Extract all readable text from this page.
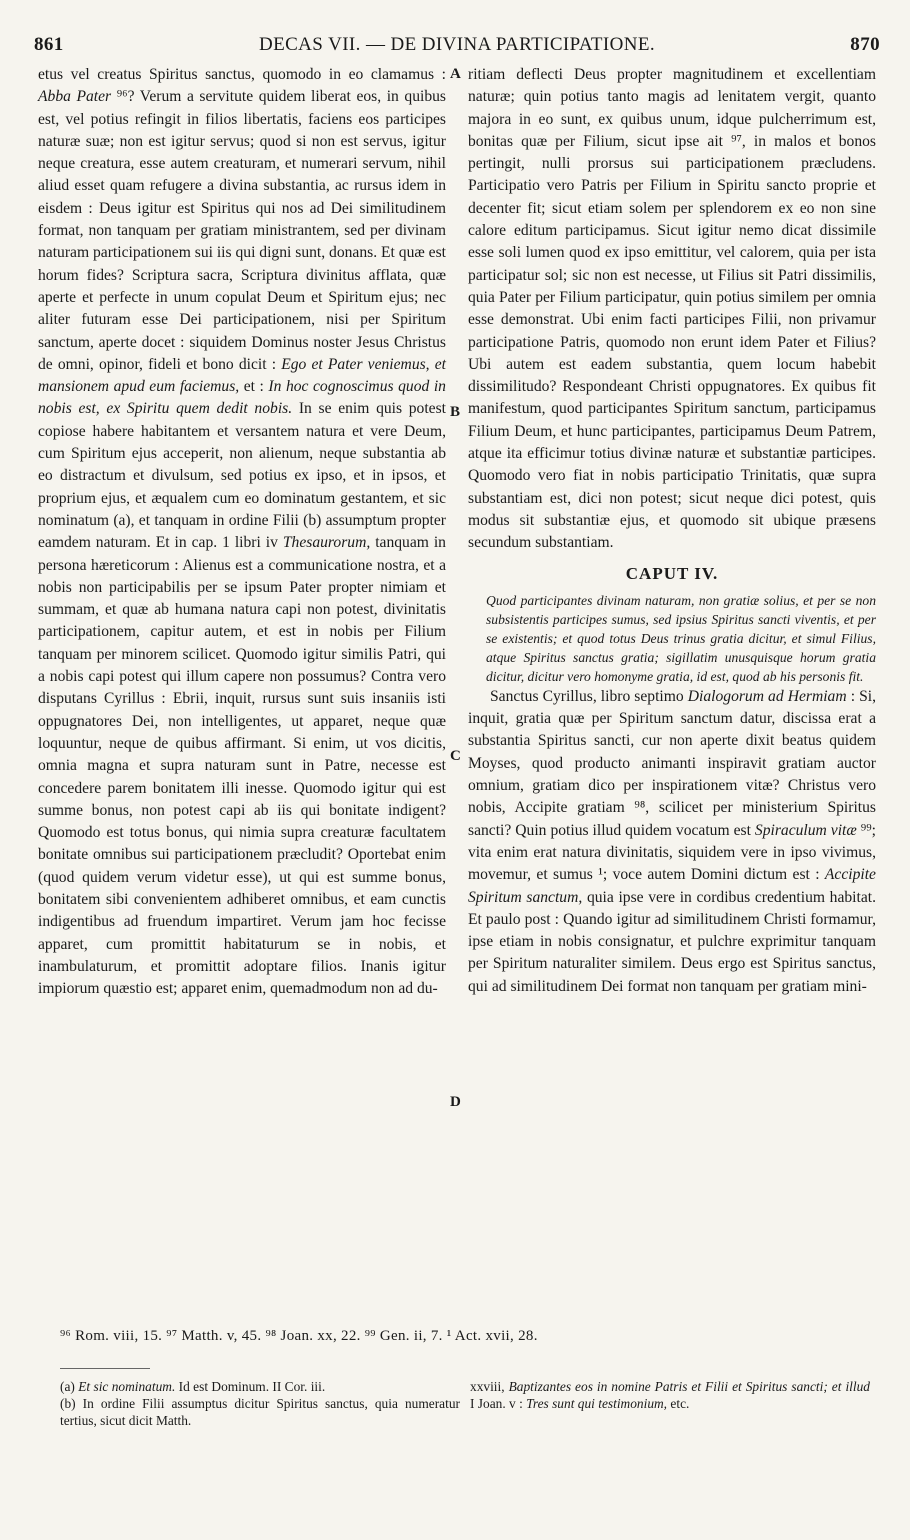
861	DECAS VII. — DE DIVINA PARTICIPATIONE.	870
A
B
C
D

etus vel creatus Spiritus sanctus, quomodo in eo clamamus : Abba Pater ⁹⁶? Verum a servitute quidem liberat eos, in quibus est, vel potius refingit in filios libertatis, faciens eos participes naturæ suæ; non est igitur servus; quod si non est servus, igitur neque creatura, esse autem creaturam, et numerari servum, nihil aliud esset quam refugere a divina substantia, ac rursus idem in eisdem : Deus igitur est Spiritus qui nos ad Dei similitudinem format, non tanquam per gratiam ministrantem, sed per divinam naturam participationem sui iis qui digni sunt, donans. Et quæ est horum fides? Scriptura sacra, Scriptura divinitus afflata, quæ aperte et perfecte in unum copulat Deum et Spiritum ejus; nec aliter futuram esse Dei participationem, nisi per Spiritum sanctum, aperte docet : siquidem Dominus noster Jesus Christus de omni, opinor, fideli et bono dicit : Ego et Pater veniemus, et mansionem apud eum faciemus, et : In hoc cognoscimus quod in nobis est, ex Spiritu quem dedit nobis. In se enim quis potest copiose habere habitantem et versantem natura et vere Deum, cum Spiritum ejus acceperit, non alienum, neque substantia ab eo distractum et divulsum, sed potius ex ipso, et in ipsos, et proprium ejus, et æqualem cum eo dominatum gestantem, et sic nominatum (a), et tanquam in ordine Filii (b) assumptum propter eamdem naturam. Et in cap. 1 libri iv Thesaurorum, tanquam in persona hæreticorum : Alienus est a communicatione nostra, et a nobis non participabilis per se ipsum Pater propter nimiam et summam, et quæ ab humana natura capi non potest, divinitatis participationem, capitur autem, et est in nobis per Filium tanquam per minorem scilicet. Quomodo igitur similis Patri, qui a nobis capi potest qui illum capere non possumus? Contra vero disputans Cyrillus : Ebrii, inquit, rursus sunt suis insaniis isti oppugnatores Dei, non intelligentes, ut apparet, neque quæ loquuntur, neque de quibus affirmant. Si enim, ut vos dicitis, omnia magna et supra naturam sunt in Patre, necesse est concedere parem bonitatem illi inesse. Quomodo igitur qui est summe bonus, non potest capi ab iis qui bonitate indigent? Quomodo est totus bonus, qui nimia supra creaturæ facultatem bonitate omnibus sui participationem præcludit? Oportebat enim (quod quidem verum videtur esse), ut qui est summe bonus, bonitatem sibi convenientem adhiberet omnibus, et eam cunctis indigentibus ad fruendum impartiret. Verum jam hoc fecisse apparet, cum promittit habitaturum se in nobis, et inambulaturum, et promittit adoptare filios. Inanis igitur impiorum quæstio est; apparet enim, quemadmodum non ad du-

ritiam deflecti Deus propter magnitudinem et excellentiam naturæ; quin potius tanto magis ad lenitatem vergit, quanto majora in eo sunt, ex quibus unum, idque pulcherrimum est, bonitas quæ per Filium, sicut ipse ait ⁹⁷, in malos et bonos pertingit, nulli prorsus sui participationem præcludens. Participatio vero Patris per Filium in Spiritu sancto proprie et decenter fit; sicut etiam solem per splendorem ex eo non sine calore editum participamus. Sicut igitur nemo dicat dissimile esse soli lumen quod ex ipso emittitur, vel calorem, quia per ista participatur sol; sic non est necesse, ut Filius sit Patri dissimilis, quia Pater per Filium participatur, quin potius similem per omnia esse demonstrat. Ubi enim facti participes Filii, non privamur participatione Patris, quomodo non erunt idem Pater et Filius? Ubi autem est eadem substantia, quem locum habebit dissimilitudo? Respondeant Christi oppugnatores. Ex quibus fit manifestum, quod participantes Spiritum sanctum, participamus Filium Deum, et hunc participantes, participamus Deum Patrem, atque ita efficimur totius divinæ naturæ et substantiæ participes. Quomodo vero fiat in nobis participatio Trinitatis, quæ supra substantiam est, dici non potest; sicut neque dici potest, quis modus sit substantiæ ejus, et quomodo sit ubique præsens secundum substantiam.

CAPUT IV.

Quod participantes divinam naturam, non gratiæ solius, et per se non subsistentis participes sumus, sed ipsius Spiritus sancti viventis, et per se existentis; et quod totus Deus trinus gratia dicitur, et simul Filius, atque Spiritus sanctus gratia; sigillatim unusquisque horum gratia dicitur, dicitur vero homonyme gratia, id est, quod ab his personis fit.

Sanctus Cyrillus, libro septimo Dialogorum ad Hermiam : Si, inquit, gratia quæ per Spiritum sanctum datur, discissa erat a substantia Spiritus sancti, cur non aperte dixit beatus quidem Moyses, quod producto animanti inspiravit gratiam auctor omnium, gratiam dico per inspirationem vitæ? Christus vero nobis, Accipite gratiam ⁹⁸, scilicet per ministerium Spiritus sancti? Quin potius illud quidem vocatum est Spiraculum vitæ ⁹⁹; vita enim erat natura divinitatis, siquidem vere in ipso vivimus, movemur, et sumus ¹; voce autem Domini dictum est : Accipite Spiritum sanctum, quia ipse vere in cordibus credentium habitat. Et paulo post : Quando igitur ad similitudinem Christi formamur, ipse etiam in nobis consignatur, et pulchre exprimitur tanquam per Spiritum naturaliter similem. Deus ergo est Spiritus sanctus, qui ad similitudinem Dei format non tanquam per gratiam mini-

⁹⁶ Rom. viii, 15. ⁹⁷ Matth. v, 45. ⁹⁸ Joan. xx, 22. ⁹⁹ Gen. ii, 7. ¹ Act. xvii, 28.

(a) Et sic nominatum. Id est Dominum. II Cor. iii.

(b) In ordine Filii assumptus dicitur Spiritus sanctus, quia numeratur tertius, sicut dicit Matth.

xxviii, Baptizantes eos in nomine Patris et Filii et Spiritus sancti; et illud I Joan. v : Tres sunt qui testimonium, etc.
